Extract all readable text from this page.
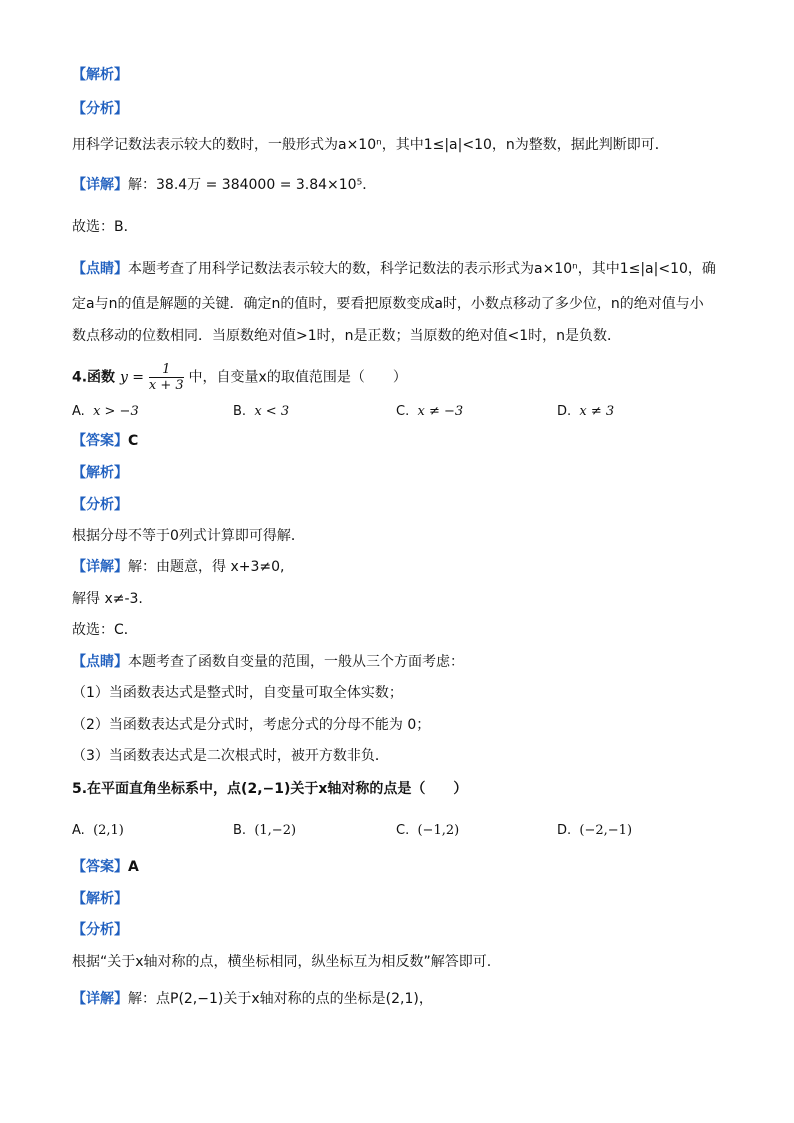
【解析】
【分析】
用科学记数法表示较大的数时，一般形式为a×10ⁿ，其中1≤|a|<10，n为整数，据此判断即可．
【详解】解：38.4万 = 384000 = 3.84×10⁵．
故选：B．
【点睛】本题考查了用科学记数法表示较大的数，科学记数法的表示形式为a×10ⁿ，其中1≤|a|<10，确
定a与n的值是解题的关键．确定n的值时，要看把原数变成a时，小数点移动了多少位，n的绝对值与小
数点移动的位数相同．当原数绝对值>1时，n是正数；当原数的绝对值<1时，n是负数．
4.函数 $y = \frac{1}{x + 3}$ 中，自变量x的取值范围是（　　）
A. x > −3	B. x < 3	C. x ≠ −3	D. x ≠ 3
【答案】C
【解析】
【分析】
根据分母不等于0列式计算即可得解．
【详解】解：由题意，得 x+3≠0,
解得 x≠-3.
故选：C．
【点睛】本题考查了函数自变量的范围，一般从三个方面考虑：
（1）当函数表达式是整式时，自变量可取全体实数；
（2）当函数表达式是分式时，考虑分式的分母不能为 0；
（3）当函数表达式是二次根式时，被开方数非负．
5.在平面直角坐标系中，点(2,−1)关于x轴对称的点是（　　）
A. (2,1)	B. (1,−2)	C. (−1,2)	D. (−2,−1)
【答案】A
【解析】
【分析】
根据“关于x轴对称的点，横坐标相同，纵坐标互为相反数”解答即可.
【详解】解：点P(2,−1)关于x轴对称的点的坐标是(2,1)，
